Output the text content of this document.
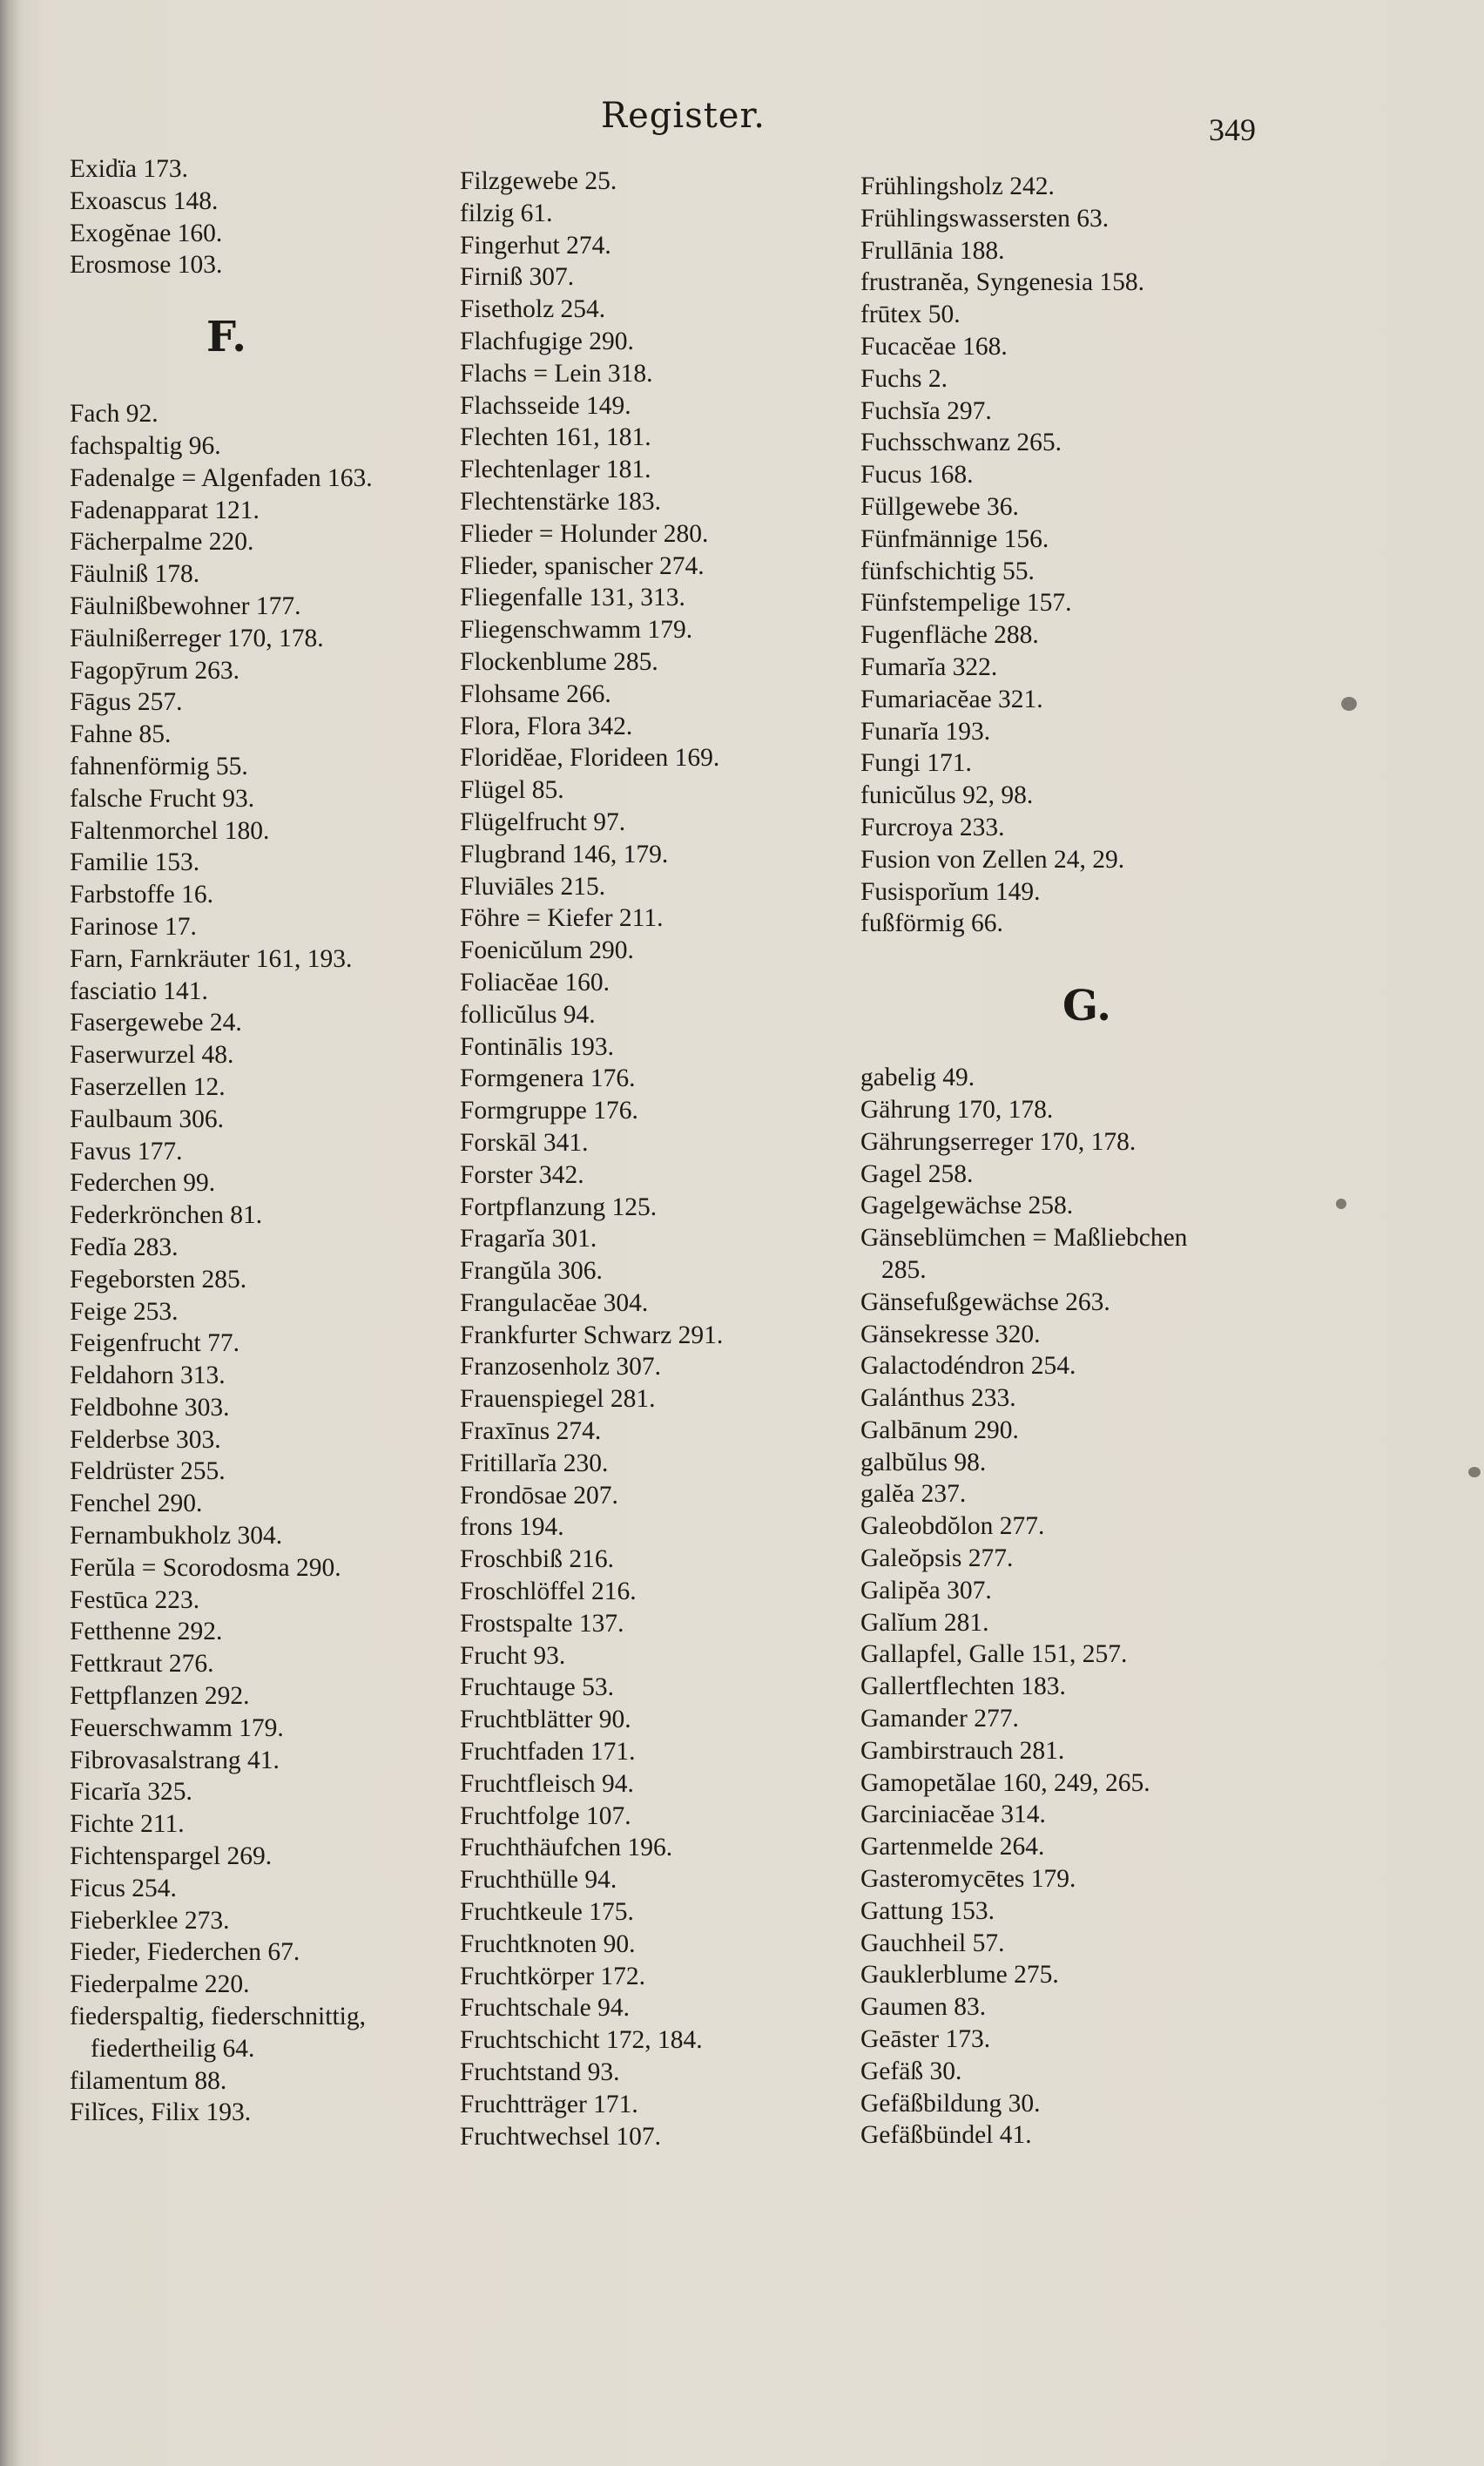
Register.	349
Exidïa 173.
Exoascus 148.
Exogĕnae 160.
Erosmose 103.
F.
Fach 92.
fachspaltig 96.
Fadenalge = Algenfaden 163.
Fadenapparat 121.
Fächerpalme 220.
Fäulniß 178.
Fäulnißbewohner 177.
Fäulnißerreger 170, 178.
Fagopȳrum 263.
Fāgus 257.
Fahne 85.
fahnenförmig 55.
falsche Frucht 93.
Faltenmorchel 180.
Familie 153.
Farbstoffe 16.
Farinose 17.
Farn, Farnkräuter 161, 193.
fasciatio 141.
Fasergewebe 24.
Faserwurzel 48.
Faserzellen 12.
Faulbaum 306.
Favus 177.
Federchen 99.
Federkrönchen 81.
Fedĭa 283.
Fegeborsten 285.
Feige 253.
Feigenfrucht 77.
Feldahorn 313.
Feldbohne 303.
Felderbse 303.
Feldrüster 255.
Fenchel 290.
Fernambukholz 304.
Ferŭla = Scorodosma 290.
Festūca 223.
Fetthenne 292.
Fettkraut 276.
Fettpflanzen 292.
Feuerschwamm 179.
Fibrovasalstrang 41.
Ficarĭa 325.
Fichte 211.
Fichtenspargel 269.
Ficus 254.
Fieberklee 273.
Fieder, Fiederchen 67.
Fiederpalme 220.
fiederspaltig, fiederschnittig,
fiedertheilig 64.
filamentum 88.
Filĭces, Filix 193.
Filzgewebe 25.
filzig 61.
Fingerhut 274.
Firniß 307.
Fisetholz 254.
Flachfugige 290.
Flachs = Lein 318.
Flachsseide 149.
Flechten 161, 181.
Flechtenlager 181.
Flechtenstärke 183.
Flieder = Holunder 280.
Flieder, spanischer 274.
Fliegenfalle 131, 313.
Fliegenschwamm 179.
Flockenblume 285.
Flohsame 266.
Flora, Flora 342.
Floridĕae, Florideen 169.
Flügel 85.
Flügelfrucht 97.
Flugbrand 146, 179.
Fluviāles 215.
Föhre = Kiefer 211.
Foenicŭlum 290.
Foliacĕae 160.
follicŭlus 94.
Fontinālis 193.
Formgenera 176.
Formgruppe 176.
Forskāl 341.
Forster 342.
Fortpflanzung 125.
Fragarĭa 301.
Frangŭla 306.
Frangulacĕae 304.
Frankfurter Schwarz 291.
Franzosenholz 307.
Frauenspiegel 281.
Fraxīnus 274.
Fritillarĭa 230.
Frondōsae 207.
frons 194.
Froschbiß 216.
Froschlöffel 216.
Frostspalte 137.
Frucht 93.
Fruchtauge 53.
Fruchtblätter 90.
Fruchtfaden 171.
Fruchtfleisch 94.
Fruchtfolge 107.
Fruchthäufchen 196.
Fruchthülle 94.
Fruchtkeule 175.
Fruchtknoten 90.
Fruchtkörper 172.
Fruchtschale 94.
Fruchtschicht 172, 184.
Fruchtstand 93.
Fruchtträger 171.
Fruchtwechsel 107.
Frühlingsholz 242.
Frühlingswassersten 63.
Frullānia 188.
frustranĕa, Syngenesia 158.
frūtex 50.
Fucacĕae 168.
Fuchs 2.
Fuchsĭa 297.
Fuchsschwanz 265.
Fucus 168.
Füllgewebe 36.
Fünfmännige 156.
fünfschichtig 55.
Fünfstempelige 157.
Fugenfläche 288.
Fumarĭa 322.
Fumariacĕae 321.
Funarĭa 193.
Fungi 171.
funicŭlus 92, 98.
Furcroya 233.
Fusion von Zellen 24, 29.
Fusisporĭum 149.
fußförmig 66.
G.
gabelig 49.
Gährung 170, 178.
Gährungserreger 170, 178.
Gagel 258.
Gagelgewächse 258.
Gänseblümchen = Maßliebchen
285.
Gänsefußgewächse 263.
Gänsekresse 320.
Galactodéndron 254.
Galánthus 233.
Galbānum 290.
galbŭlus 98.
galĕa 237.
Galeobdŏlon 277.
Galeŏpsis 277.
Galipĕa 307.
Galĭum 281.
Gallapfel, Galle 151, 257.
Gallertflechten 183.
Gamander 277.
Gambirstrauch 281.
Gamopetălae 160, 249, 265.
Garciniacĕae 314.
Gartenmelde 264.
Gasteromycētes 179.
Gattung 153.
Gauchheil 57.
Gauklerblume 275.
Gaumen 83.
Geāster 173.
Gefäß 30.
Gefäßbildung 30.
Gefäßbündel 41.
